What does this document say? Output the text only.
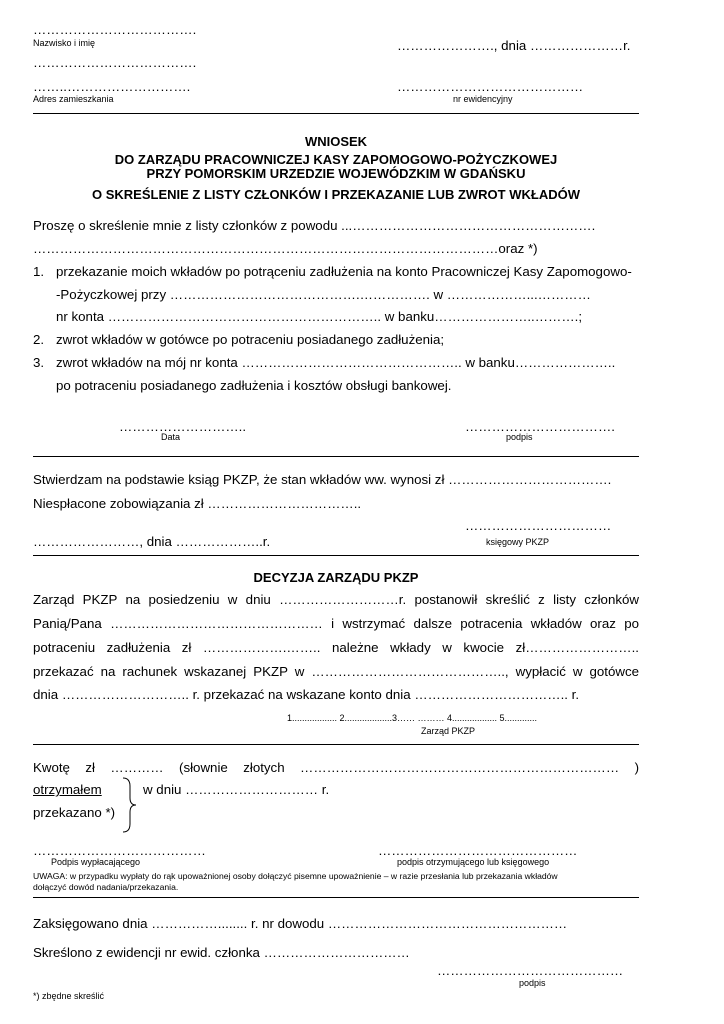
……………………………….
Nazwisko i imię	…………………., dnia …………………r.
……………………………….
……..……………………….	……………………………………
Adres zamieszkania	nr ewidencyjny
WNIOSEK
DO ZARZĄDU PRACOWNICZEJ KASY ZAPOMOGOWO-POŻYCZKOWEJ
PRZY POMORSKIM URZEDZIE WOJEWÓDZKIM W GDAŃSKU
O SKREŚLENIE Z LISTY CZŁONKÓW I PRZEKAZANIE LUB ZWROT WKŁADÓW
Proszę o skreślenie mnie z listy członków z powodu ...……………………………………………….
……………………………………………………………………………………………oraz *)
1. przekazanie moich wkładów po potrąceniu zadłużenia na konto Pracowniczej Kasy Zapomogowo-
-Pożyczkowej przy …………………………………….……………. w ………………...…………
nr konta …………………………………………………….. w banku…………………..……….;
2. zwrot wkładów w gotówce po potraceniu posiadanego zadłużenia;
3. zwrot wkładów na mój nr konta ………………………………………….. w banku…………………..
po potraceniu posiadanego zadłużenia i kosztów obsługi bankowej.
………………………..
Data
…………………………….
podpis
Stwierdzam na podstawie ksiąg PKZP, że stan wkładów ww. wynosi zł ……………………………….
Niespłacone zobowiązania zł ……………………………..
……………………………
……………………, dnia ………………..r.	księgowy PKZP
DECYZJA ZARZĄDU PKZP
Zarząd PKZP na posiedzeniu w dniu ………………………r. postanowił skreślić z listy członków
Panią/Pana ………………………………………… i wstrzymać dalsze potracenia wkładów oraz po
potraceniu zadłużenia zł ……………….…….. należne wkłady w kwocie zł……………………..
przekazać na rachunek wskazanej PKZP w …………………………………….., wypłacić w gotówce
dnia ……………………….. r. przekazać na wskazane konto dnia …………………………….. r.
1.................. 2...................3…… ……… 4.................. 5.............
Zarząd PKZP
Kwotę zł ………… (słownie złotych ……………………………………………………………… )
otrzymałem	w dniu ………………………… r.
przekazano *)
…………………………………
Podpis wypłacającego
………………………………………
podpis otrzymującego lub księgowego
UWAGA: w przypadku wypłaty do rąk upoważnionej osoby dołączyć pisemne upoważnienie – w razie przesłania lub przekazania wkładów
dołączyć dowód nadania/przekazania.
Zaksięgowano dnia ……………........ r. nr dowodu ………………………………………………
Skreślono z ewidencji nr ewid. członka ……………………………
……………………………………
podpis
*) zbędne skreślić
